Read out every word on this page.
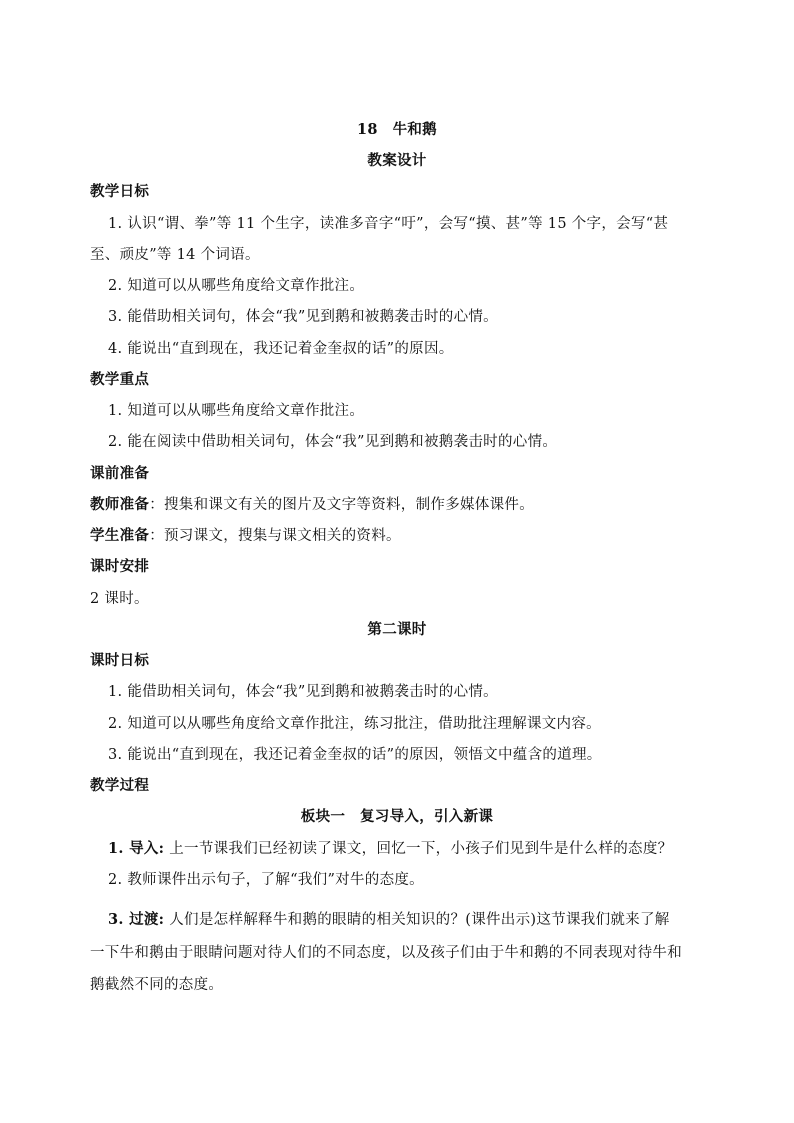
18　牛和鹅
教案设计
教学日标
1. 认识“谓、拳”等 11 个生字，读准多音字“吁”，会写“摸、甚”等 15 个字，会写“甚
至、顽皮”等 14 个词语。
2. 知道可以从哪些角度给文章作批注。
3. 能借助相关词句，体会“我”见到鹅和被鹅袭击时的心情。
4. 能说出“直到现在，我还记着金奎叔的话”的原因。
教学重点
1. 知道可以从哪些角度给文章作批注。
2. 能在阅读中借助相关词句，体会“我”见到鹅和被鹅袭击时的心情。
课前准备
教师准备：搜集和课文有关的图片及文字等资料，制作多媒体课件。
学生准备：预习课文，搜集与课文相关的资料。
课时安排
2 课时。
第二课时
课时日标
1. 能借助相关词句，体会“我”见到鹅和被鹅袭击时的心情。
2. 知道可以从哪些角度给文章作批注，练习批注，借助批注理解课文内容。
3. 能说出“直到现在，我还记着金奎叔的话”的原因，领悟文中蕴含的道理。
教学过程
板块一　复习导入，引入新课
1. 导入: 上一节课我们已经初读了课文，回忆一下，小孩子们见到牛是什么样的态度？
2. 教师课件出示句子，了解“我们”对牛的态度。
3. 过渡: 人们是怎样解释牛和鹅的眼睛的相关知识的？(课件出示)这节课我们就来了解
一下牛和鹅由于眼睛问题对待人们的不同态度，以及孩子们由于牛和鹅的不同表现对待牛和
鹅截然不同的态度。
